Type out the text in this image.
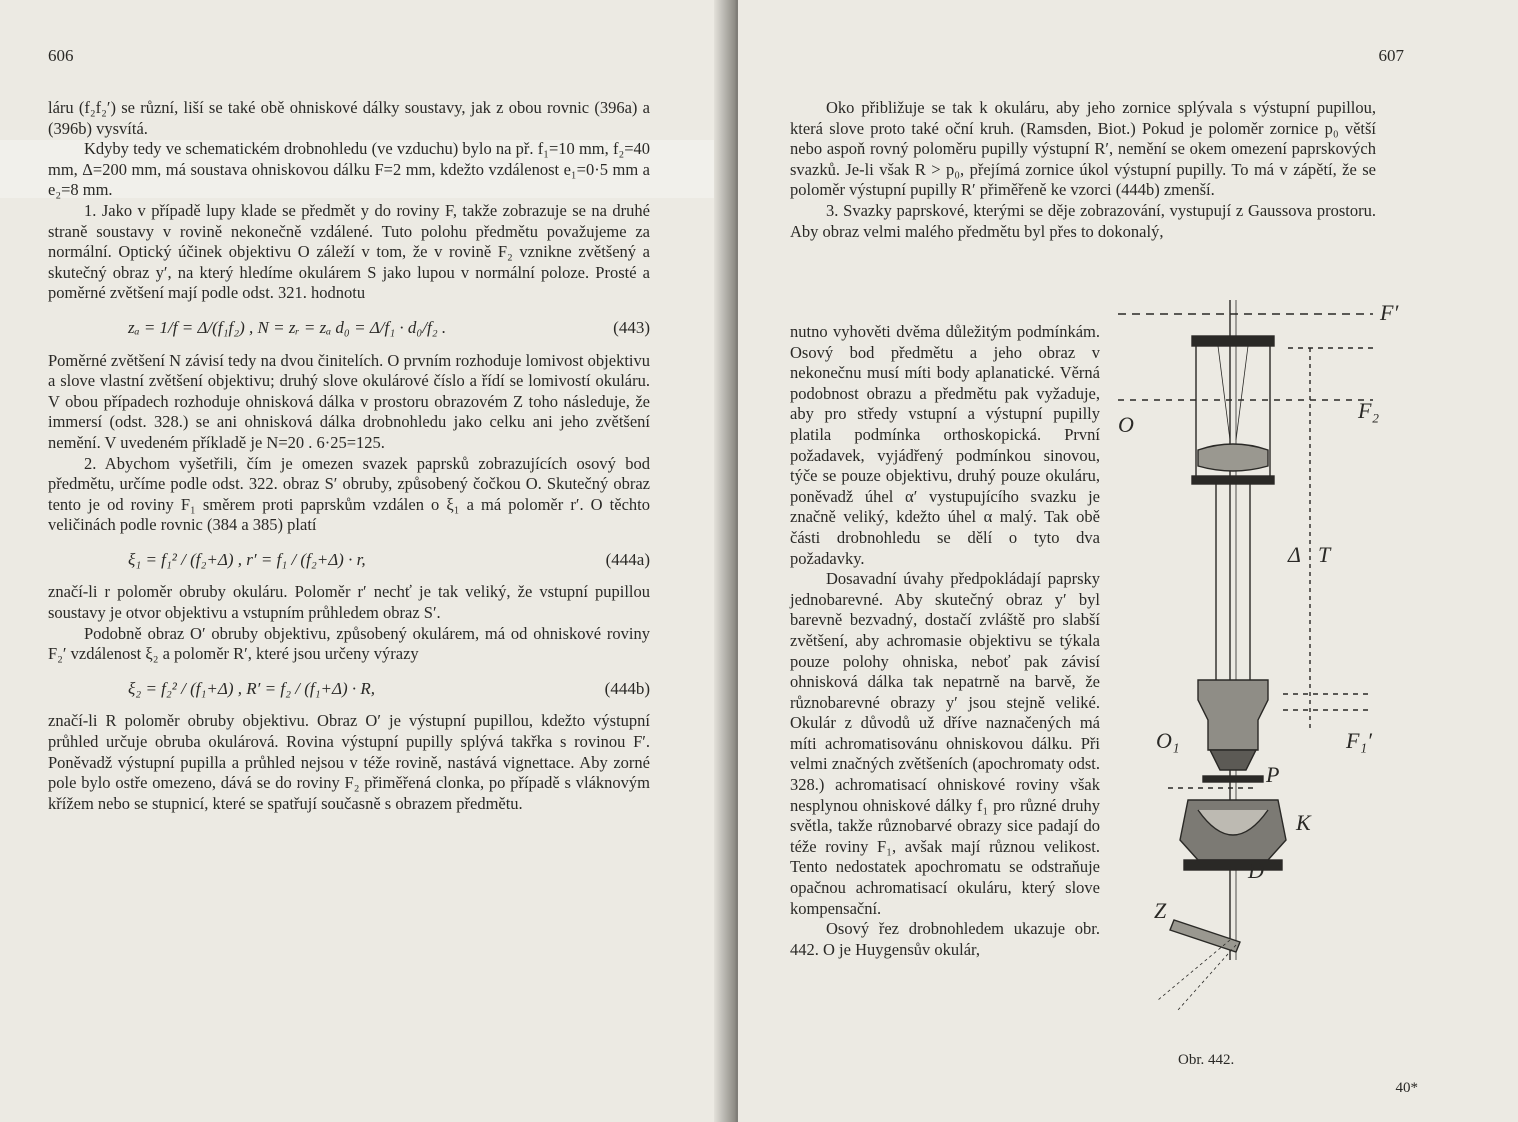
606

láru (f₂f₂′) se různí, liší se také obě ohniskové dálky soustavy, jak z obou rovnic (396a) a (396b) vysvítá.

Kdyby tedy ve schematickém drobnohledu (ve vzduchu) bylo na př. f₁=10 mm, f₂=40 mm, Δ=200 mm, má soustava ohniskovou dálku F=2 mm, kdežto vzdálenost e₁=0·5 mm a e₂=8 mm.

1. Jako v případě lupy klade se předmět y do roviny F, takže zobrazuje se na druhé straně soustavy v rovině nekonečně vzdálené. Tuto polohu předmětu považujeme za normální. Optický účinek objektivu O záleží v tom, že v rovině F₂ vznikne zvětšený a skutečný obraz y′, na který hledíme okulárem S jako lupou v normální poloze. Prosté a poměrné zvětšení mají podle odst. 321. hodnotu

zₐ = 1/f = Δ/(f₁f₂) , N = zᵣ = zₐ d₀ = Δ/f₁ · d₀/f₂ .	(443)

Poměrné zvětšení N závisí tedy na dvou činitelích. O prvním rozhoduje lomivost objektivu a slove vlastní zvětšení objektivu; druhý slove okulárové číslo a řídí se lomivostí okuláru. V obou případech rozhoduje ohnisková dálka v prostoru obrazovém Z toho následuje, že immersí (odst. 328.) se ani ohnisková dálka drobnohledu jako celku ani jeho zvětšení nemění. V uvedeném příkladě je N=20 . 6·25=125.

2. Abychom vyšetřili, čím je omezen svazek paprsků zobrazujících osový bod předmětu, určíme podle odst. 322. obraz S′ obruby, způsobený čočkou O. Skutečný obraz tento je od roviny F₁ směrem proti paprskům vzdálen o ξ₁ a má poloměr r′. O těchto veličinách podle rovnic (384 a 385) platí

ξ₁ = f₁² / (f₂+Δ) , r′ = f₁ / (f₂+Δ) · r,	(444a)

značí-li r poloměr obruby okuláru. Poloměr r′ nechť je tak veliký, že vstupní pupillou soustavy je otvor objektivu a vstupním průhledem obraz S′.

Podobně obraz O′ obruby objektivu, způsobený okulárem, má od ohniskové roviny F₂′ vzdálenost ξ₂ a poloměr R′, které jsou určeny výrazy

ξ₂ = f₂² / (f₁+Δ) , R′ = f₂ / (f₁+Δ) · R,	(444b)

značí-li R poloměr obruby objektivu. Obraz O′ je výstupní pupillou, kdežto výstupní průhled určuje obruba okulárová. Rovina výstupní pupilly splývá takřka s rovinou F′. Poněvadž výstupní pupilla a průhled nejsou v téže rovině, nastává vignettace. Aby zorné pole bylo ostře omezeno, dává se do roviny F₂ přiměřená clonka, po případě s vláknovým křížem nebo se stupnicí, které se spatřují současně s obrazem předmětu.

607

Oko přibližuje se tak k okuláru, aby jeho zornice splývala s výstupní pupillou, která slove proto také oční kruh. (Ramsden, Biot.) Pokud je poloměr zornice p₀ větší nebo aspoň rovný poloměru pupilly výstupní R′, nemění se okem omezení paprskových svazků. Je-li však R > p₀, přejímá zornice úkol výstupní pupilly. To má v zápětí, že se poloměr výstupní pupilly R′ přiměřeně ke vzorci (444b) zmenší.

3. Svazky paprskové, kterými se děje zobrazování, vystupují z Gaussova prostoru. Aby obraz velmi malého předmětu byl přes to dokonalý,

nutno vyhověti dvěma důležitým podmínkám. Osový bod předmětu a jeho obraz v nekonečnu musí míti body aplanatické. Věrná podobnost obrazu a předmětu pak vyžaduje, aby pro středy vstupní a výstupní pupilly platila podmínka orthoskopická. První požadavek, vyjádřený podmínkou sinovou, týče se pouze objektivu, druhý pouze okuláru, poněvadž úhel α′ vystupujícího svazku je značně veliký, kdežto úhel α malý. Tak obě části drobnohledu se dělí o tyto dva požadavky.

Dosavadní úvahy předpokládají paprsky jednobarevné. Aby skutečný obraz y′ byl barevně bezvadný, dostačí zvláště pro slabší zvětšení, aby achromasie objektivu se týkala pouze polohy ohniska, neboť pak závisí ohnisková dálka tak nepatrně na barvě, že různobarevné obrazy y′ jsou stejně veliké. Okulár z důvodů už dříve naznačených má míti achromatisovánu ohniskovou dálku. Při velmi značných zvětšeních (apochromaty odst. 328.) achromatisací ohniskové roviny však nesplynou ohniskové dálky f₁ pro různé druhy světla, takže různobarvé obrazy sice padají do téže roviny F₁, avšak mají různou velikost. Tento nedostatek apochromatu se odstraňuje opačnou achromatisací okuláru, který slove kompensační.

Osový řez drobnohledem ukazuje obr. 442. O je Huygensův okulár,

F′
F₂
O
Δ T
F₁′
O₁
P
K
D
Z
Obr. 442.
40*
